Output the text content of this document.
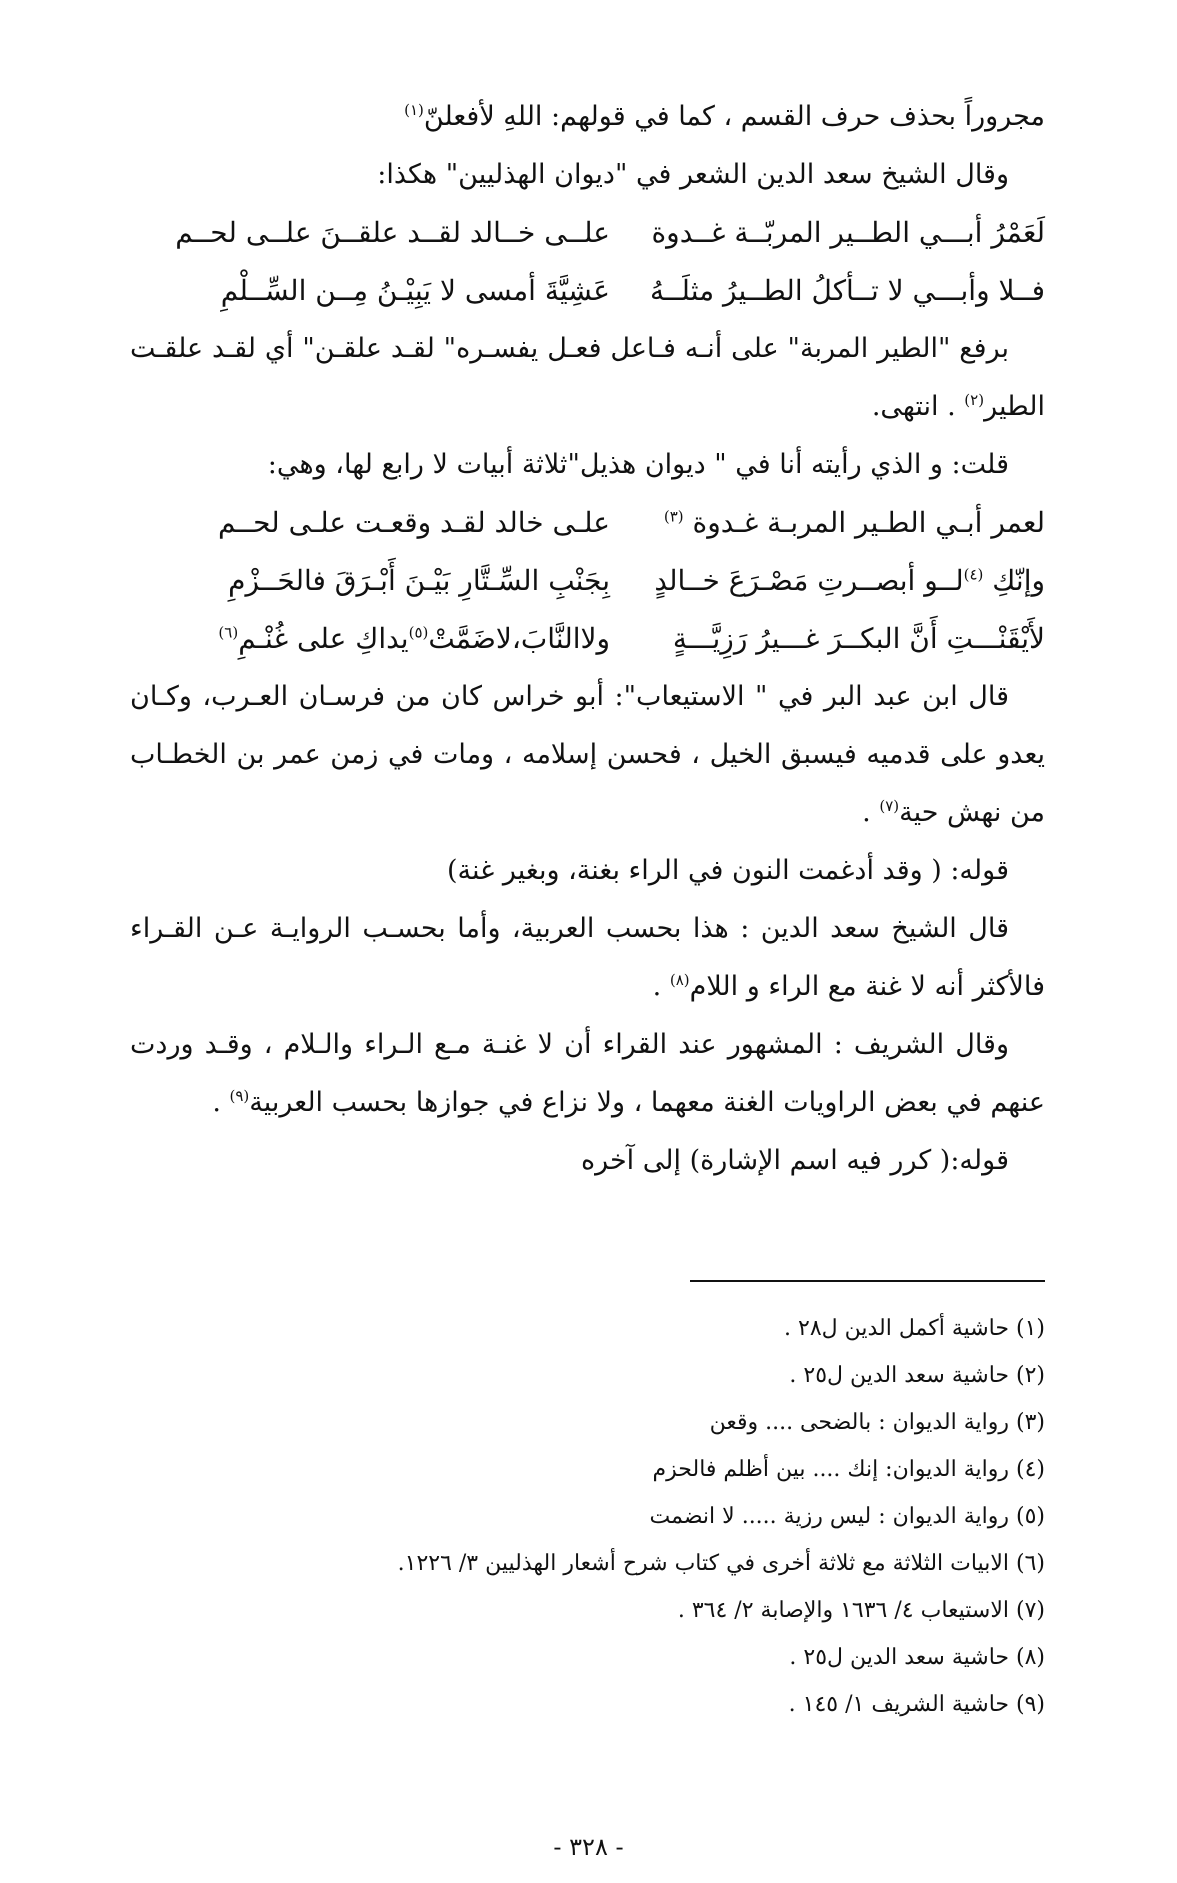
مجروراً بحذف حرف القسم ، كما في قولهم: اللهِ لأفعلنّ$^{(١)}$

وقال الشيخ سعد الدين الشعر في "ديوان الهذليين" هكذا:

لَعَمْرُ أبـــي الطــير المربّــة غــدوة
علــى خــالد لقــد علقــنَ علــى لحــم
فــلا وأبـــي لا تــأكلُ الطــيرُ مثلَــهُ
عَشِيَّةَ أمسى لا يَبِيْـنُ مِــن السِّــلْمِ

برفع "الطير المربة" على أنـه فـاعل فعـل يفسـره" لقـد علقـن" أي لقـد علقـت الطير$^{(٢)}$ . انتهى.

قلت: و الذي رأيته أنا في " ديوان هذيل"ثلاثة أبيات لا رابع لها، وهي:

لعمر أبـي الطـير المربـة غـدوة $^{(٣)}$
علـى خالد لقـد وقعـت علـى لحــم
وإنّكِ $^{(٤)}$لــو أبصــرتِ مَصْـرَعَ خــالدٍ
بِجَنْبِ السِّـتَّارِ بَيْـنَ أَبْـرَقَ فالحَــزْمِ
لأَيْقَنْـــتِ أَنَّ البكــرَ غـــيرُ رَزِيَّـــةٍ
ولاالنَّابَ،لاضَمَّتْ$^{(٥)}$يداكِ على غُنْـمِ$^{(٦)}$

قال ابن عبد البر في " الاستيعاب": أبو خراس كان من فرسـان العـرب، وكـان يعدو على قدميه فيسبق الخيل ، فحسن إسلامه ، ومات في زمن عمر بن الخطـاب من نهش حية$^{(٧)}$ .

قوله: ( وقد أدغمت النون في الراء بغنة، وبغير غنة)

قال الشيخ سعد الدين : هذا بحسب العربية، وأما بحسـب الروايـة عـن القـراء فالأكثر أنه لا غنة مع الراء و اللام$^{(٨)}$ .

وقال الشريف : المشهور عند القراء أن لا غنـة مـع الـراء والـلام ، وقـد وردت عنهم في بعض الراويات الغنة معهما ، ولا نزاع في جوازها بحسب العربية$^{(٩)}$ .

قوله:( كرر فيه اسم الإشارة) إلى آخره

(١) حاشية أكمل الدين ل٢٨ .

(٢) حاشية سعد الدين ل٢٥ .

(٣) رواية الديوان : بالضحى .... وقعن

(٤) رواية الديوان: إنك .... بين أظلم فالحزم

(٥) رواية الديوان : ليس رزية ..... لا انضمت

(٦) الابيات الثلاثة مع ثلاثة أخرى في كتاب شرح أشعار الهذليين ٣/ ١٢٢٦.

(٧) الاستيعاب ٤/ ١٦٣٦ والإصابة ٢/ ٣٦٤ .

(٨) حاشية سعد الدين ل٢٥ .

(٩) حاشية الشريف ١/ ١٤٥ .

- ٣٢٨ -
